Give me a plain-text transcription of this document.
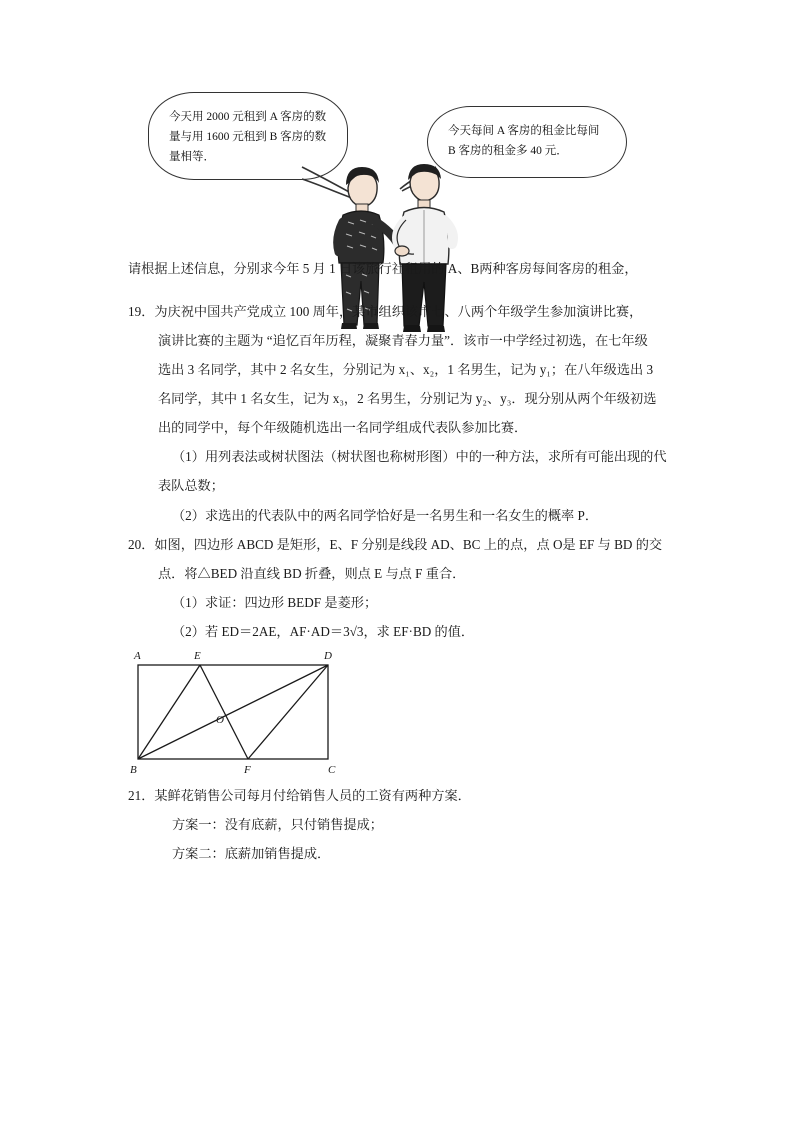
今天用 2000 元租到 A 客房的数量与用 1600 元租到 B 客房的数量相等．
今天每间 A 客房的租金比每间 B 客房的租金多 40 元．

请根据上述信息，分别求今年 5 月 1 日该旅行社租用的 A、B两种客房每间客房的租金，

19．为庆祝中国共产党成立 100 周年，某市组织该市七、八两个年级学生参加演讲比赛，

演讲比赛的主题为 “追忆百年历程，凝聚青春力量”．该市一中学经过初选，在七年级

选出 3 名同学，其中 2 名女生，分别记为 x₁、x₂，1 名男生，记为 y₁；在八年级选出 3

名同学，其中 1 名女生，记为 x₃，2 名男生，分别记为 y₂、y₃．现分别从两个年级初选

出的同学中，每个年级随机选出一名同学组成代表队参加比赛．

（1）用列表法或树状图法（树状图也称树形图）中的一种方法，求所有可能出现的代

表队总数；

（2）求选出的代表队中的两名同学恰好是一名男生和一名女生的概率 P．

20．如图，四边形 ABCD 是矩形，E、F 分别是线段 AD、BC 上的点，点 O是 EF 与 BD 的交

点．将△BED 沿直线 BD 折叠，则点 E 与点 F 重合．

（1）求证：四边形 BEDF 是菱形；

（2）若 ED＝2AE，AF·AD＝3√3，求 EF·BD 的值．

A	E	D
O
B	F	C

21．某鲜花销售公司每月付给销售人员的工资有两种方案．

方案一：没有底薪，只付销售提成；

方案二：底薪加销售提成．
